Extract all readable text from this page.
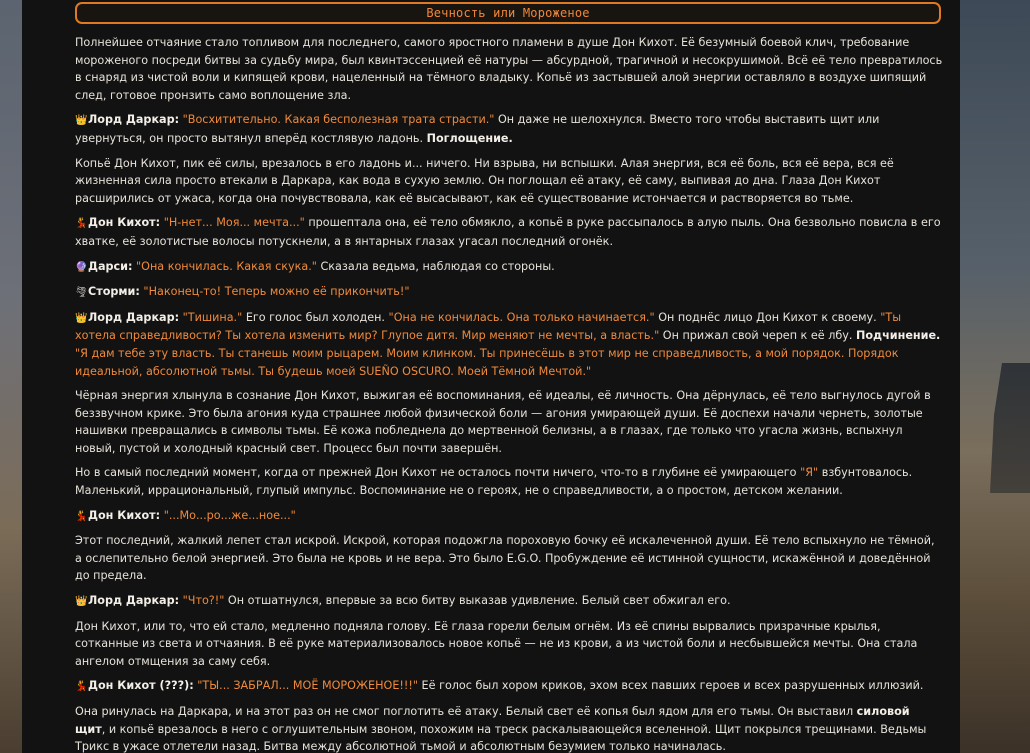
Вечность или Мороженое

Полнейшее отчаяние стало топливом для последнего, самого яростного пламени в душе Дон Кихот. Её безумный боевой клич, требование мороженого посреди битвы за судьбу мира, был квинтэссенцией её натуры — абсурдной, трагичной и несокрушимой. Всё её тело превратилось в снаряд из чистой воли и кипящей крови, нацеленный на тёмного владыку. Копьё из застывшей алой энергии оставляло в воздухе шипящий след, готовое пронзить само воплощение зла.

👑Лорд Даркар: "Восхитительно. Какая бесполезная трата страсти." Он даже не шелохнулся. Вместо того чтобы выставить щит или увернуться, он просто вытянул вперёд костлявую ладонь. Поглощение.

Копьё Дон Кихот, пик её силы, врезалось в его ладонь и... ничего. Ни взрыва, ни вспышки. Алая энергия, вся её боль, вся её вера, вся её жизненная сила просто втекали в Даркара, как вода в сухую землю. Он поглощал её атаку, её саму, выпивая до дна. Глаза Дон Кихот расширились от ужаса, когда она почувствовала, как её высасывают, как её существование истончается и растворяется во тьме.

💃Дон Кихот: "Н-нет... Моя... мечта..." прошептала она, её тело обмякло, а копьё в руке рассыпалось в алую пыль. Она безвольно повисла в его хватке, её золотистые волосы потускнели, а в янтарных глазах угасал последний огонёк.

🔮Дарси: "Она кончилась. Какая скука." Сказала ведьма, наблюдая со стороны.

🌪Сторми: "Наконец-то! Теперь можно её прикончить!"

👑Лорд Даркар: "Тишина." Его голос был холоден. "Она не кончилась. Она только начинается." Он поднёс лицо Дон Кихот к своему. "Ты хотела справедливости? Ты хотела изменить мир? Глупое дитя. Мир меняют не мечты, а власть." Он прижал свой череп к её лбу. Подчинение. "Я дам тебе эту власть. Ты станешь моим рыцарем. Моим клинком. Ты принесёшь в этот мир не справедливость, а мой порядок. Порядок идеальной, абсолютной тьмы. Ты будешь моей SUEÑO OSCURO. Моей Тёмной Мечтой."

Чёрная энергия хлынула в сознание Дон Кихот, выжигая её воспоминания, её идеалы, её личность. Она дёрнулась, её тело выгнулось дугой в беззвучном крике. Это была агония куда страшнее любой физической боли — агония умирающей души. Её доспехи начали чернеть, золотые нашивки превращались в символы тьмы. Её кожа побледнела до мертвенной белизны, а в глазах, где только что угасла жизнь, вспыхнул новый, пустой и холодный красный свет. Процесс был почти завершён.

Но в самый последний момент, когда от прежней Дон Кихот не осталось почти ничего, что-то в глубине её умирающего "Я" взбунтовалось. Маленький, иррациональный, глупый импульс. Воспоминание не о героях, не о справедливости, а о простом, детском желании.

💃Дон Кихот: "...Мо...ро...же...ное..."

Этот последний, жалкий лепет стал искрой. Искрой, которая подожгла пороховую бочку её искалеченной души. Её тело вспыхнуло не тёмной, а ослепительно белой энергией. Это была не кровь и не вера. Это было E.G.O. Пробуждение её истинной сущности, искажённой и доведённой до предела.

👑Лорд Даркар: "Что?!" Он отшатнулся, впервые за всю битву выказав удивление. Белый свет обжигал его.

Дон Кихот, или то, что ей стало, медленно подняла голову. Её глаза горели белым огнём. Из её спины вырвались призрачные крылья, сотканные из света и отчаяния. В её руке материализовалось новое копьё — не из крови, а из чистой боли и несбывшейся мечты. Она стала ангелом отмщения за саму себя.

💃Дон Кихот (???): "ТЫ... ЗАБРАЛ... МОЁ МОРОЖЕНОЕ!!!" Её голос был хором криков, эхом всех павших героев и всех разрушенных иллюзий.

Она ринулась на Даркара, и на этот раз он не смог поглотить её атаку. Белый свет её копья был ядом для его тьмы. Он выставил силовой щит, и копьё врезалось в него с оглушительным звоном, похожим на треск раскалывающейся вселенной. Щит покрылся трещинами. Ведьмы Трикс в ужасе отлетели назад. Битва между абсолютной тьмой и абсолютным безумием только начиналась.
